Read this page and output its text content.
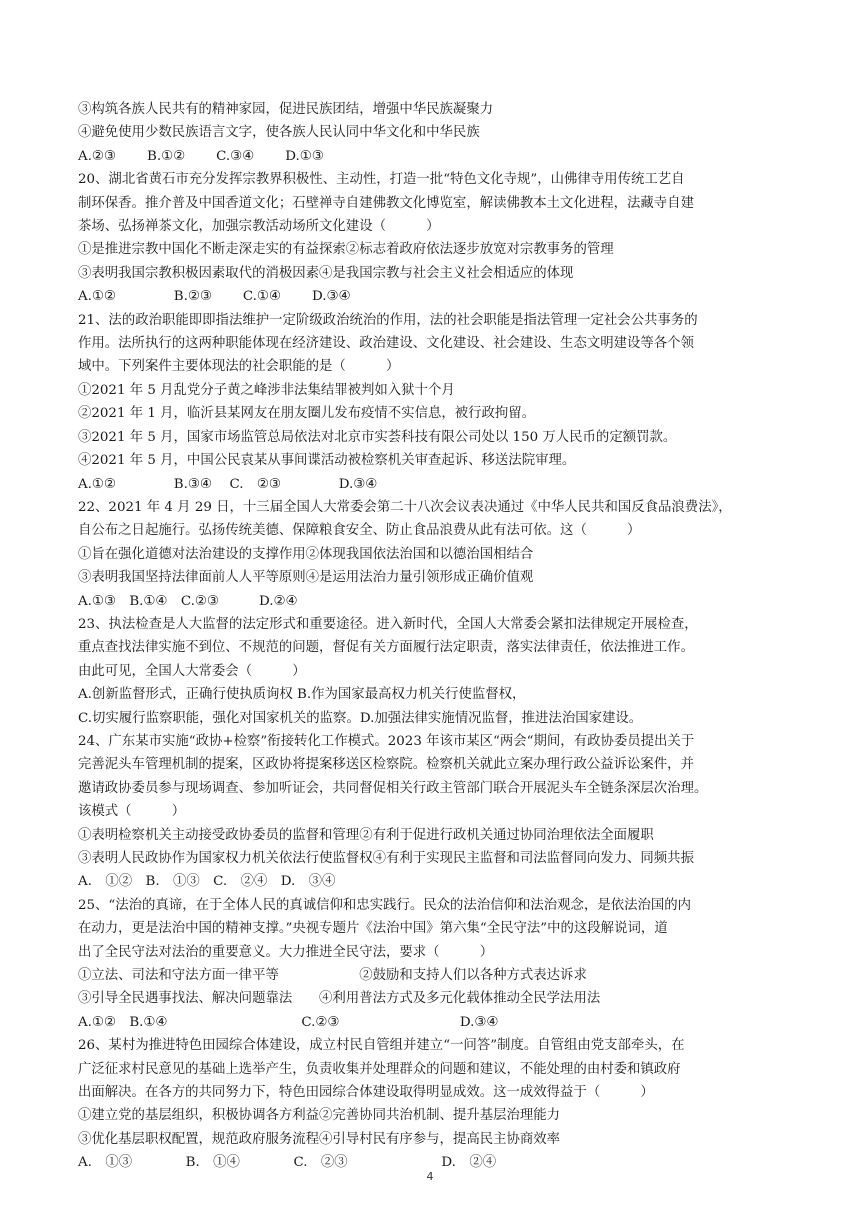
③构筑各族人民共有的精神家园，促进民族团结，增强中华民族凝聚力

④避免使用少数民族语言文字，使各族人民认同中华文化和中华民族

A.②③　　 B.①②　　 C.③④　　 D.①③

20、湖北省黄石市充分发挥宗教界积极性、主动性，打造一批“特色文化寺规”，山佛律寺用传统工艺自

制环保香。推介普及中国香道文化；石壁禅寺自建佛教文化博览室，解读佛教本土文化进程，法藏寺自建

茶场、弘扬禅茶文化，加强宗教活动场所文化建设（　　　）

①是推进宗教中国化不断走深走实的有益探索②标志着政府依法逐步放宽对宗教事务的管理

③表明我国宗教积极因素取代的消极因素④是我国宗教与社会主义社会相适应的体现

A.①②　　　　 B.②③　　 C.①④　　 D.③④

21、法的政治职能即即指法维护一定阶级政治统治的作用，法的社会职能是指法管理一定社会公共事务的

作用。法所执行的这两种职能体现在经济建设、政治建设、文化建设、社会建设、生态文明建设等各个领

域中。下列案件主要体现法的社会职能的是（　　　）

①2021 年 5 月乱党分子黄之峰涉非法集结罪被判如入狱十个月

②2021 年 1 月，临沂县某网友在朋友圈儿发布疫情不实信息，被行政拘留。

③2021 年 5 月，国家市场监管总局依法对北京市实荟科技有限公司处以 150 万人民币的定额罚款。

④2021 年 5 月，中国公民袁某从事间谍活动被检察机关审查起诉、移送法院审理。

A.①②　　　　 B.③④　 C.　②③　　　　 D.③④

22、2021 年 4 月 29 日，十三届全国人大常委会第二十八次会议表决通过《中华人民共和国反食品浪费法》，

自公布之日起施行。弘扬传统美德、保障粮食安全、防止食品浪费从此有法可依。这（　　　）

①旨在强化道德对法治建设的支撑作用②体现我国依法治国和以德治国相结合

③表明我国坚持法律面前人人平等原则④是运用法治力量引领形成正确价值观

A.①③　B.①④　C.②③　　　D.②④

23、执法检查是人大监督的法定形式和重要途径。进入新时代，全国人大常委会紧扣法律规定开展检查，

重点查找法律实施不到位、不规范的问题，督促有关方面履行法定职责，落实法律责任，依法推进工作。

由此可见，全国人大常委会（　　　）

A.创新监督形式，正确行使执质询权 B.作为国家最高权力机关行使监督权，

C.切实履行监察职能，强化对国家机关的监察。D.加强法律实施情况监督，推进法治国家建设。

24、广东某市实施“政协+检察”衔接转化工作模式。2023 年该市某区“两会“期间，有政协委员提出关于

完善泥头车管理机制的提案，区政协将提案移送区检察院。检察机关就此立案办理行政公益诉讼案件，并

邀请政协委员参与现场调查、参加听证会，共同督促相关行政主管部门联合开展泥头车全链条深层次治理。

该模式（　　　）

①表明检察机关主动接受政协委员的监督和管理②有利于促进行政机关通过协同治理依法全面履职

③表明人民政协作为国家权力机关依法行使监督权④有利于实现民主监督和司法监督同向发力、同频共振

A.　①②　B.　①③　C.　②④　D.　③④

25、“法治的真谛，在于全体人民的真诚信仰和忠实践行。民众的法治信仰和法治观念，是依法治国的内

在动力，更是法治中国的精神支撑。”央视专题片《法治中国》第六集“全民守法”中的这段解说词，道

出了全民守法对法治的重要意义。大力推进全民守法，要求（　　　）

①立法、司法和守法方面一律平等　　　　　　②鼓励和支持人们以各种方式表达诉求

③引导全民遇事找法、解决问题靠法　　④利用普法方式及多元化载体推动全民学法用法

A.①②　B.①④　　　　　　　　　　C.②③　　　　　　　　　D.③④

26、某村为推进特色田园综合体建设，成立村民自管组并建立“一问答”制度。自管组由党支部牵头，在

广泛征求村民意见的基础上选举产生，负责收集并处理群众的问题和建议，不能处理的由村委和镇政府

出面解决。在各方的共同努力下，特色田园综合体建设取得明显成效。这一成效得益于（　　　）

①建立党的基层组织，积极协调各方利益②完善协同共治机制、提升基层治理能力

③优化基层职权配置，规范政府服务流程④引导村民有序参与，提高民主协商效率

A.　①③　　　　B.　①④　　　　C.　②③　　　　　　　D.　②④

4
